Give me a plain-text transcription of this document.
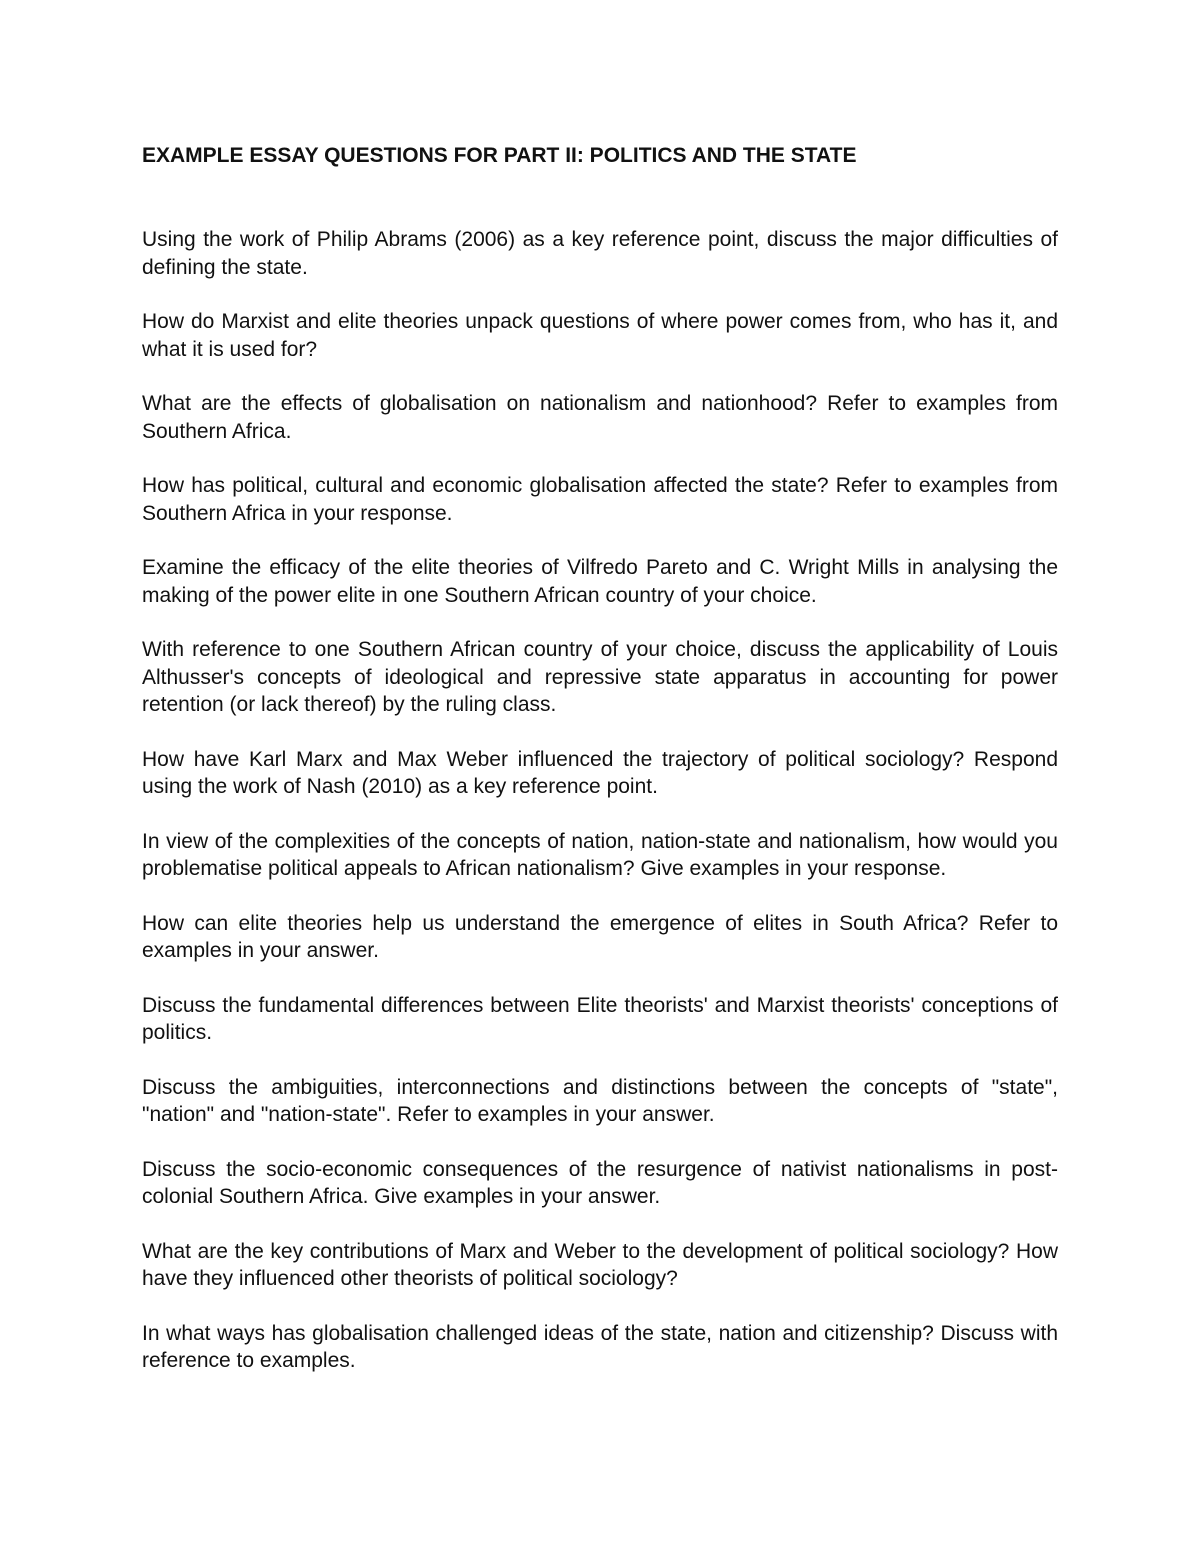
EXAMPLE ESSAY QUESTIONS FOR PART II: POLITICS AND THE STATE

Using the work of Philip Abrams (2006) as a key reference point, discuss the major difficulties of defining the state.

How do Marxist and elite theories unpack questions of where power comes from, who has it, and what it is used for?

What are the effects of globalisation on nationalism and nationhood? Refer to examples from Southern Africa.

How has political, cultural and economic globalisation affected the state? Refer to examples from Southern Africa in your response.

Examine the efficacy of the elite theories of Vilfredo Pareto and C. Wright Mills in analysing the making of the power elite in one Southern African country of your choice.

With reference to one Southern African country of your choice, discuss the applicability of Louis Althusser's concepts of ideological and repressive state apparatus in accounting for power retention (or lack thereof) by the ruling class.

How have Karl Marx and Max Weber influenced the trajectory of political sociology? Respond using the work of Nash (2010) as a key reference point.

In view of the complexities of the concepts of nation, nation-state and nationalism, how would you problematise political appeals to African nationalism? Give examples in your response.

How can elite theories help us understand the emergence of elites in South Africa? Refer to examples in your answer.

Discuss the fundamental differences between Elite theorists' and Marxist theorists' conceptions of politics.

Discuss the ambiguities, interconnections and distinctions between the concepts of "state", "nation" and "nation-state". Refer to examples in your answer.

Discuss the socio-economic consequences of the resurgence of nativist nationalisms in post-colonial Southern Africa. Give examples in your answer.

What are the key contributions of Marx and Weber to the development of political sociology? How have they influenced other theorists of political sociology?

In what ways has globalisation challenged ideas of the state, nation and citizenship? Discuss with reference to examples.
